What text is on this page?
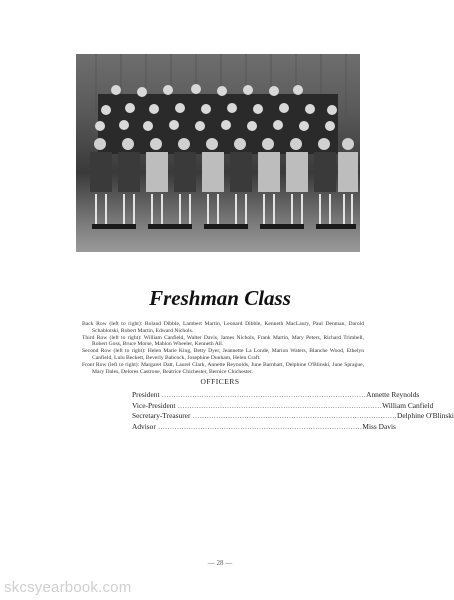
Freshman Class

Back Row (left to right): Roland Dibble, Lambert Martin, Leonard Dibble, Kenneth MacLaury, Paul Denman, Darold Schablotski, Robert Martin, Edward Nichols.

Third Row (left to right): William Canfield, Walter Davis, James Nichols, Frank Martin, Mary Peters, Richard Trimbell, Robert Goss, Bruce Morse, Mahlon Wheeler, Kenneth All.

Second Row (left to right): Helen Marie King, Betty Dyer, Jeannette La Londe, Marion Waters, Blanche Wood, Ethelyn Canfield, Lulu Beckett, Beverly Babcock, Josephine Dunham, Helen Craft.

Front Row (left to right): Margaret Datt, Laurel Clark, Annette Reynolds, June Barnhart, Delphine O'Blinski, June Sprague, Mary Dales, Delores Castrone, Beatrice Chichester, Bernice Chichester.

OFFICERS
President ....................................................................................... Annette Reynolds
Vice-President ....................................................................................... William Canfield
Secretary-Treasurer ....................................................................................... Delphine O'Blinski
Advisor ....................................................................................... Miss Davis
— 28 —
skcsyearbook.com
